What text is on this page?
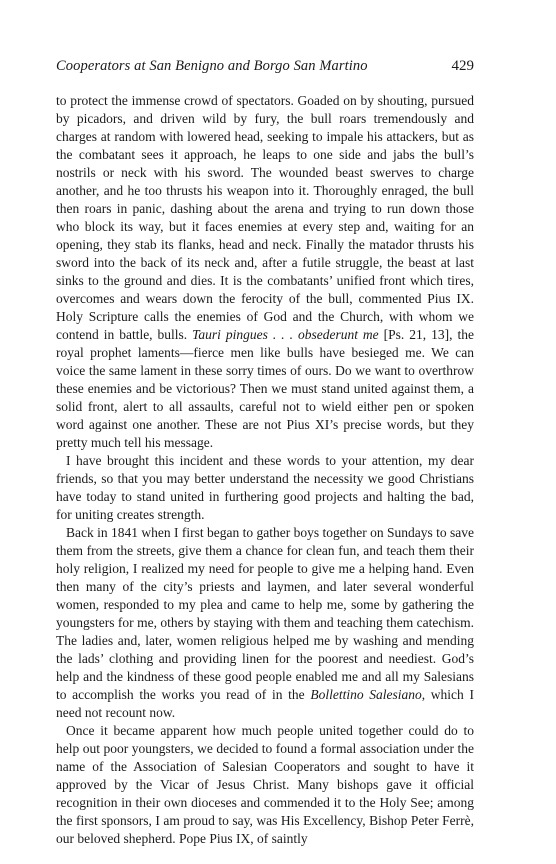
Cooperators at San Benigno and Borgo San Martino	429

to protect the immense crowd of spectators. Goaded on by shouting, pursued by picadors, and driven wild by fury, the bull roars tremendously and charges at random with lowered head, seeking to impale his attackers, but as the combatant sees it approach, he leaps to one side and jabs the bull’s nostrils or neck with his sword. The wounded beast swerves to charge another, and he too thrusts his weapon into it. Thoroughly enraged, the bull then roars in panic, dashing about the arena and trying to run down those who block its way, but it faces enemies at every step and, waiting for an opening, they stab its flanks, head and neck. Finally the matador thrusts his sword into the back of its neck and, after a futile struggle, the beast at last sinks to the ground and dies. It is the combatants’ unified front which tires, overcomes and wears down the ferocity of the bull, commented Pius IX. Holy Scripture calls the enemies of God and the Church, with whom we contend in battle, bulls. Tauri pingues . . . obsederunt me [Ps. 21, 13], the royal prophet laments—fierce men like bulls have besieged me. We can voice the same lament in these sorry times of ours. Do we want to overthrow these enemies and be victorious? Then we must stand united against them, a solid front, alert to all assaults, careful not to wield either pen or spoken word against one another. These are not Pius XI’s precise words, but they pretty much tell his message.

I have brought this incident and these words to your attention, my dear friends, so that you may better understand the necessity we good Christians have today to stand united in furthering good projects and halting the bad, for uniting creates strength.

Back in 1841 when I first began to gather boys together on Sundays to save them from the streets, give them a chance for clean fun, and teach them their holy religion, I realized my need for people to give me a helping hand. Even then many of the city’s priests and laymen, and later several wonderful women, responded to my plea and came to help me, some by gathering the youngsters for me, others by staying with them and teaching them catechism. The ladies and, later, women religious helped me by washing and mending the lads’ clothing and providing linen for the poorest and neediest. God’s help and the kindness of these good people enabled me and all my Salesians to accomplish the works you read of in the Bollettino Salesiano, which I need not recount now.

Once it became apparent how much people united together could do to help out poor youngsters, we decided to found a formal association under the name of the Association of Salesian Cooperators and sought to have it approved by the Vicar of Jesus Christ. Many bishops gave it official recognition in their own dioceses and commended it to the Holy See; among the first sponsors, I am proud to say, was His Excellency, Bishop Peter Ferrè, our beloved shepherd. Pope Pius IX, of saintly
